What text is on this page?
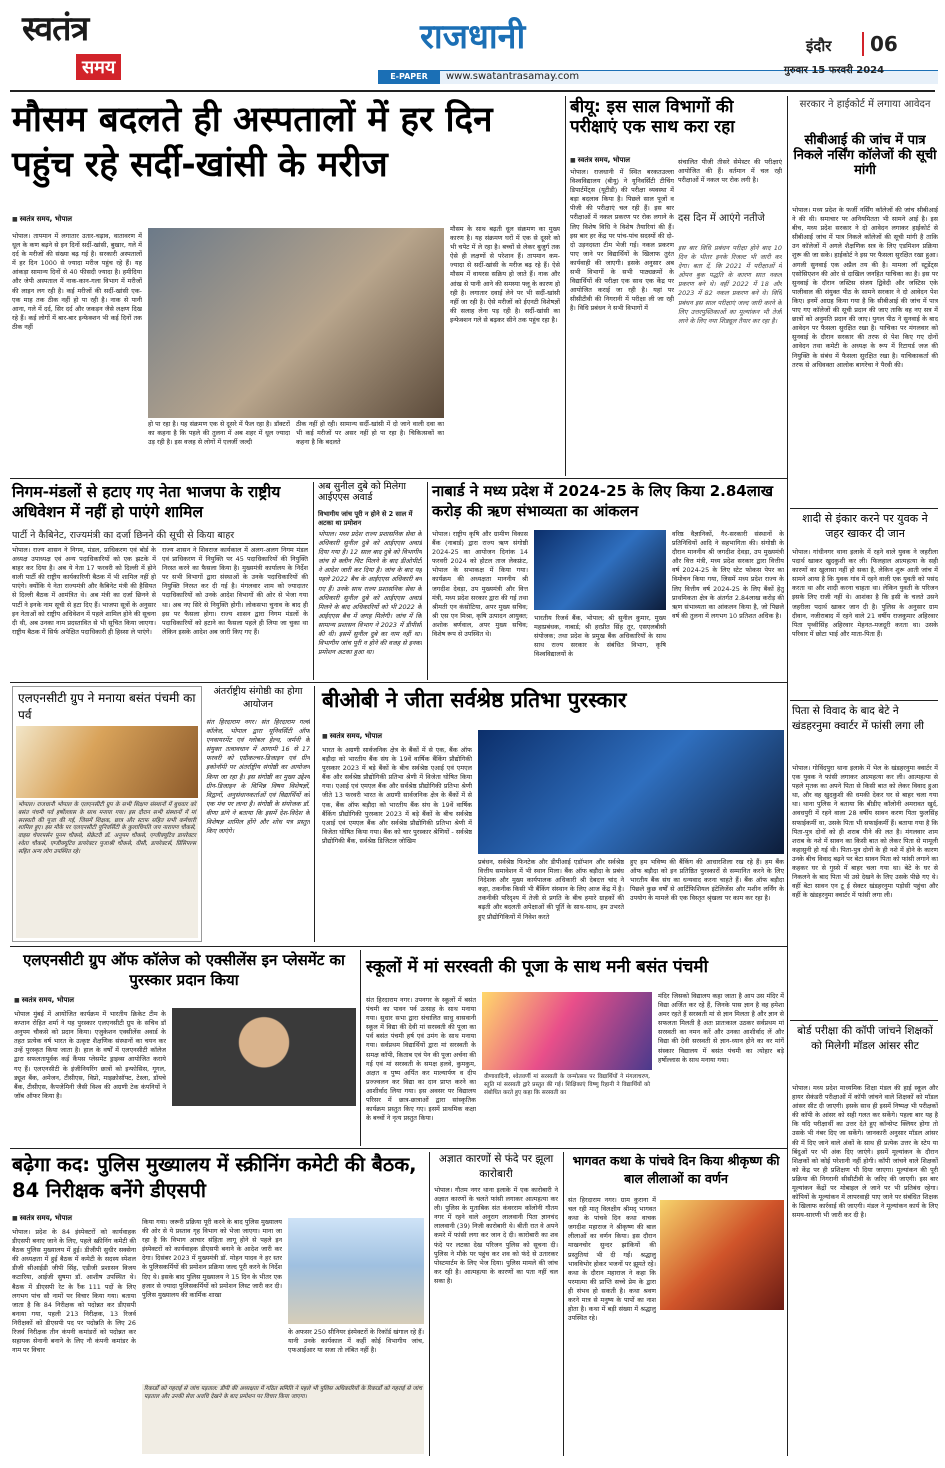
स्वतंत्र
समय
राजधानी
E-PAPER	www.swatantrasamay.com
इंदौर	06
गुरुवार 15 फरवरी 2024
मौसम बदलते ही अस्पतालों में हर दिन पहुंच रहे सर्दी-खांसी के मरीज
■ स्वतंत्र समय, भोपाल
भोपाल। तापमान में लगातार उतार-चढ़ाव, वातावरण में धूल के कण बढ़ने से इन दिनों सर्दी-खांसी, बुखार, गले में दर्द के मरीजों की संख्या बढ़ गई है। सरकारी अस्पतालों में हर दिन 1000 से ज्यादा मरीज पहुंच रहे हैं। यह आंकड़ा सामान्य दिनों से 40 फीसदी ज्यादा है। हमीदिया और जेपी अस्पताल में नाक-कान-गला विभाग में मरीजों की लाइन लग रही है। कई मरीजों की सर्दी-खांसी एक-एक माह तक ठीक नहीं हो पा रही है। नाक से पानी आना, गले में दर्द, सिर दर्द और जकड़न जैसे लक्षण दिख रहे हैं। कई लोगों में बार-बार इन्फेक्शन भी कई दिनों तक ठीक नहीं
हो पा रहा है। यह संक्रमण एक से दूसरे में फैल रहा है। डॉक्टरों का कहना है कि पहले की तुलना में अब शहर में धूल ज्यादा उड़ रही है। इस वजह से लोगों में एलर्जी जल्दी
ठीक नहीं हो रही। सामान्य सर्दी-खांसी में दो जाने वाली दवा का भी कई मरीजों पर असर नहीं हो पा रहा है। चिकित्सकों का कहना है कि बदलते
मौसम के साथ बढ़ती धूल संक्रमण का मुख्य कारण है। यह संक्रमण घरों में एक से दूसरे को भी चपेट में ले रहा है। बच्चों से लेकर बुजुर्ग तक ऐसे ही लक्षणों से परेशान हैं। तापमान कम-ज्यादा से सर्दी-खांसी के मरीज बढ़ रहे हैं। ऐसे मौसम में वायरस सक्रिय हो जाते हैं। नाक और आंख से पानी आने की समस्या फ्लू के कारण हो रही है। लगातार दवाई लेने पर भी सर्दी-खांसी नहीं जा रही है। ऐसे मरीजों को ईएनटी विशेषज्ञों की सलाह लेना पड़ रही है। सर्दी-खांसी का इन्फेक्शन गले से बढ़कर सीने तक पहुंच रहा है।
बीयू: इस साल विभागों की परीक्षाएं एक साथ करा रहा
■ स्वतंत्र समय, भोपाल
भोपाल। राजधानी में स्थित बरकतउल्ला विश्वविद्यालय (बीयू) ने यूनिवर्सिटी टीचिंग डिपार्टमेंट्स (यूटीडी) की परीक्षा व्यवस्था में बड़ा बदलाव किया है। पिछले साल पूजों व पीजी की परीक्षाएं चल रही हैं। इस बार परीक्षाओं में नकल प्रकरण पर रोक लगाने के लिए विशेष विधि ने विशेष तैयारियां की हैं। इस बार हर केंद्र पर पांच-पांच सदस्यों की दो-दो उड़नदस्ता टीम भेजी गई। नकल प्रकरण पाए जाने पर विद्यार्थियों के खिलाफ तुरंत कार्यवाही की जाएगी। इसके अनुसार अब सभी विभागों के सभी पाठ्यक्रमों के विद्यार्थियों की परीक्षा एक साथ एक केंद्र पर आयोजित कराई जा रही है। यहां पर सीसीटीवी की निगरानी में परीक्षा ली जा रही है। विधि प्रबंधन ने सभी विभागों में
संचालित पीजी तीसरे सेमेस्टर की परीक्षाएं आयोजित की हैं। वर्तमान में चल रही परीक्षाओं में नकल पर रोक लगी है।
दस दिन में आएंगे नतीजे
इस बार विधि प्रबंधन परीक्षा होने बाद 10 दिन के भीतर इनके रिजल्ट भी जारी कर देगा। बता दें, कि 2021 में परीक्षाओं में ओपन बुक पद्धति के कारण सात नकल प्रकरण बने थे। वहीं 2022 में 18 और 2023 में 82 नकल प्रकरण बने थे। विधि प्रबंधन इस साल परीक्षाएं जल्द जारी करने के लिए उत्तरपुस्तिकाओं का मूल्यांकन भी तेजी लाने के लिए नया शिड्यूल तैयार कर रहा है।
सरकार ने हाईकोर्ट में लगाया आवेदन
सीबीआई की जांच में पात्र निकले नर्सिंग कॉलेजों की सूची मांगी
भोपाल। मध्य प्रदेश के फर्जी नर्सिंग कॉलेजों की जांच सीबीआई ने की थी। समाचार पर अनियमितता भी सामने आई है। इस बीच, मध्य प्रदेश सरकार ने दो आवेदन लगाकर हाईकोर्ट से सीबीआई जांच में पात्र निकले कॉलेजों की सूची मांगी है ताकि उन कॉलेजों में अगले शैक्षणिक सत्र के लिए एडमिशन प्रक्रिया शुरू की जा सके। हाईकोर्ट ने इस पर फैसला सुरक्षित रखा हुआ। अगली सुनवाई एक अप्रैल तय की है। मामला लॉ स्टूडेंट्स एसोसिएशन की ओर से दाखिल जनहित याचिका का है। इस पर सुनवाई के दौरान जस्टिस संजय द्विवेदी और जस्टिस एके पालीवाल की संयुक्त पीठ के सामने सरकार ने दो आवेदन पेश किए। इनमें आग्रह किया गया है कि सीबीआई की जांच में पात्र पाए गए कॉलेजों की सूची प्रदान की जाए ताकि वह नए सत्र में छात्रों को अनुमति प्रदान की जाए। युगल पीठ ने सुनवाई के बाद आवेदन पर फैसला सुरक्षित रखा है। याचिका पर मंगलवार को सुनवाई के दौरान सरकार की तरफ से पेश किए गए दोनों आवेदन तथा कमेटी के अध्यक्ष के रूप में रिटायर्ड जज की नियुक्ति के संबंध में फैसला सुरक्षित रखा है। याचिकाकर्ता की तरफ से अधिवक्ता आलोक बागरेचा ने पैरवी की।
निगम-मंडलों से हटाए गए नेता भाजपा के राष्ट्रीय अधिवेशन में नहीं हो पाएंगे शामिल
पार्टी ने कैबिनेट, राज्यमंत्री का दर्जा छिनने की सूची से किया बाहर
भोपाल। राज्य शासन ने निगम, मंडल, प्राधिकरण एवं बोर्ड के अध्यक्ष उपाध्यक्ष एवं अन्य पदाधिकारियों को एक झटके में बाहर कर दिया है। अब ये नेता 17 फरवरी को दिल्ली में होने वाली पार्टी की राष्ट्रीय कार्यकारिणी बैठक में भी शामिल नहीं हो पाएंगे। क्योंकि ये नेता राज्यमंत्री और कैबिनेट मंत्री की हैसियत से दिल्ली बैठक में आमंत्रित थे। अब मंत्री का दर्जा छिनने से पार्टी ने इनके नाम सूची से हटा दिए हैं। भाजपा सूत्रों के अनुसार इन नेताओं को राष्ट्रीय अधिवेशन में पहले शामिल होने की सूचना दी थी, अब उनका नाम प्रदस्तावित से भी सूचित किया जाएगा। राष्ट्रीय बैठक में सिर्फ अपेक्षित पदाधिकारी ही हिस्सा ले पाएंगे।
राज्य शासन ने शिवराज कार्यकाल में अलग-अलग निगम मंडल एवं प्राधिकरण में नियुक्ति पर 45 पदाधिकारियों की नियुक्ति निरस्त करने का फैसला किया है। मुख्यमंत्री कार्यालय के निर्देश पर सभी विभागों द्वारा संस्थाओं के उनके पदाधिकारियों की नियुक्ति निरस्त कर दी गई है। मंगलवार शाम को ज्यादातर पदाधिकारियों को उनके आदेश विभागों की ओर से भेजा गया था। अब नए सिरे से नियुक्ति होगी। लोकसभा चुनाव के बाद ही इस पर फैसला होगा। राज्य शासन द्वारा निगम मंडलों के पदाधिकारियों को हटाने का फैसला पहले ही लिया जा चुका था लेकिन इसके आदेश अब जारी किए गए हैं।
अब सुनील दुबे को मिलेगा आईएएस अवार्ड
विभागीय जांच पूरी न होने से 2 साल में अटका था प्रमोशन
भोपाल। मध्य प्रदेश राज्य प्रशासनिक सेवा के अधिकारी सुनील दुबे को आईएएस अवार्ड दिया गया है। 12 साल बाद दुबे को विभागीय जांच से क्लीन चिट मिलने के बाद डीओपीटी ने आदेश जारी कर दिया है। जांच के बाद यह पहले 2022 बैच के आईएएस अधिकारी बन गए हैं। उनके साथ राज्य प्रशासनिक सेवा के अधिकारी सुनील दुबे को आईएएस अवार्ड मिलने के बाद अधिकारियों को भी 2022 के आईएएस बैच में जगह मिलेगी। जांच में कि सामान्य प्रशासन विभाग ने 2023 में डीपीसी की थी। इसमें सुनील दुबे का नाम नहीं था। विभागीय जांच पूरी न होने की वजह से इनका प्रमोशन अटका हुआ था।
नाबार्ड ने मध्य प्रदेश में 2024-25 के लिए किया 2.84लाख करोड़ की ऋण संभाव्यता का आंकलन
भोपाल। राष्ट्रीय कृषि और ग्रामीण विकास बैंक (नाबार्ड) द्वारा राज्य ऋण संगोष्ठी 2024-25 का आयोजन दिनांक 14 फरवरी 2024 को होटल ताज लेकफ्रंट, भोपाल के सभाकक्ष में किया गया। कार्यक्रम की अध्यक्षता माननीय श्री जगदीश देवड़ा, उप मुख्यमंत्री और वित्त मंत्री, मध्य प्रदेश सरकार द्वारा की गई तथा श्रीमती एन कंसोटिया, अपर मुख्य सचिव; श्री एस एन मिश्रा, कृषि उत्पादन आयुक्त; अशोक बर्णवाल, अपर मुख्य सचिव; विशेष रूप से उपस्थित थे।
भारतीय रिजर्व बैंक, भोपाल; श्री सुनील कुमार, मुख्य महाप्रबंधक, नाबार्ड; श्री हरप्रीत सिंह तूर, एसएलबीसी संयोजक; तथा प्रदेश के प्रमुख बैंक अधिकारियों के साथ साथ राज्य सरकार के संबंधित विभाग, कृषि विश्वविद्यालयों के
वरिष्ठ वैज्ञानिकों, गैर-सरकारी संस्थानों के प्रतिनिधियों आदि ने सहभागिता की। संगोष्ठी के दौरान माननीय श्री जगदीश देवड़ा, उप मुख्यमंत्री और वित्त मंत्री, मध्य प्रदेश सरकार द्वारा वित्तीय वर्ष 2024-25 के लिए स्टेट फोकस पेपर का विमोचन किया गया, जिसमें मध्य प्रदेश राज्य के लिए वित्तीय वर्ष 2024-25 के लिए बैंकों हेतु प्राथमिकता क्षेत्र के अंतर्गत 2.84लाख करोड़ की ऋण संभाव्यता का आंकलन किया है, जो पिछले वर्ष की तुलना में लगभग 10 प्रतिशत अधिक है।
शादी से इंकार करने पर युवक ने जहर खाकर दी जान
भोपाल। गांधीनगर थाना इलाके में रहने वाले युवक ने जहरीला पदार्थ खाकर खुदकुशी कर ली। फिलहाल आत्महत्या के सही कारणों का खुलासा नहीं हो सका है, लेकिन शुरू आती जांच में सामने आया है कि युवक गांव में रहने वाली एक युवती को पसंद करता था और शादी करना चाहता था। लेकिन युवती के परिजन इसके लिए राजी नहीं थे। आशंका है कि इसी के चलते उसने जहरीला पदार्थ खाकर जान दी है। पुलिस के अनुसार ग्राम दीवान, नजीराबाद में रहने वाले 21 वर्षीय राजकुमार अहिरवार पिता पृथ्वीसिंह अहिरवार मेहनत-मजदूरी करता था। उसके परिवार में छोटा भाई और माता-पिता हैं।
एलएनसीटी ग्रुप ने मनाया बसंत पंचमी का पर्व
भोपाल। राजधानी भोपाल के एलएनसीटी ग्रुप के सभी शिक्षण संस्थानों में बुधवार को बसंत पंचमी पर्व हर्षोल्लास के साथ मनाया गया। इस दौरान सभी संस्थानों में मां सरस्वती की पूजा की गई, जिसमें शिक्षक, छात्र और स्टाफ सहित सभी कर्मचारी शामिल हुए। इस मौके पर एलएनसीटी यूनिवर्सिटी के कुलाधिपति जय नारायण चौकसे, वाइस चेयरपर्सन पूनम चौकसे, सेक्रेटरी डॉ. अनुपम चौकसे, एग्जीक्यूटिव डायरेक्टर श्वेता चौकसे, एग्जीक्यूटिव डायरेक्टर पूजाश्री चौकसे, वीसी, डायरेक्टर्स, प्रिंसिपल्स सहित अन्य लोग उपस्थित रहे।
अंतर्राष्ट्रीय संगोष्ठी का होगा आयोजन
संत हिरदाराम नगर। संत हिरदाराम गर्ल्स कॉलेज, भोपाल द्वारा यूनिवर्सिटी ऑफ एनवायरमेंट एवं ग्लोबल हेल्थ, जर्मनी के संयुक्त तत्वावधान में आगामी 16 से 17 फरवरी को एग्रीकल्चर-डिजाइन एवं ग्रीन इकोनॉमी पर अंतर्राष्ट्रीय संगोष्ठी का आयोजन किया जा रहा है। इस संगोष्ठी का मुख्य उद्देश्य ग्रीन-डिजाइन के विभिन्न विषय विशेषज्ञों, विद्वानों, अनुसंधानकर्ताओं एवं विद्यार्थियों को एक मंच पर लाना है। संगोष्ठी के संयोजक डॉ. वीणा डांगे ने बताया कि इसमें देश-विदेश के विशेषज्ञ शामिल होंगे और शोध पत्र प्रस्तुत किए जाएंगे।
बीओबी ने जीता सर्वश्रेष्ठ प्रतिभा पुरस्कार
■ स्वतंत्र समय, भोपाल
भारत के अग्रणी सार्वजनिक क्षेत्र के बैंकों में से एक, बैंक ऑफ बड़ौदा को भारतीय बैंक संघ के 19वें वार्षिक बैंकिंग प्रौद्योगिकी पुरस्कार 2023 में बड़े बैंकों के बीच सर्वश्रेष्ठ एआई एवं एमएल बैंक और सर्वश्रेष्ठ प्रौद्योगिकी प्रतिभा श्रेणी में विजेता घोषित किया गया। एआई एवं एमएल बैंक और सर्वश्रेष्ठ प्रौद्योगिकी प्रतिभा श्रेणी जीते 13 फरवरी भारत के अग्रणी सार्वजनिक क्षेत्र के बैंकों में से एक, बैंक ऑफ बड़ौदा को भारतीय बैंक संघ के 19वें वार्षिक बैंकिंग प्रौद्योगिकी पुरस्कार 2023 में बड़े बैंकों के बीच सर्वश्रेष्ठ एआई एवं एमएल बैंक और सर्वश्रेष्ठ प्रौद्योगिकी प्रतिभा श्रेणी में विजेता घोषित किया गया। बैंक को चार पुरस्कार श्रेणियों - सर्वश्रेष्ठ प्रौद्योगिकी बैंक, सर्वश्रेष्ठ डिजिटल जोखिम
प्रबंधन, सर्वश्रेष्ठ फिनटेक और डीपीआई एडॉप्शन और सर्वश्रेष्ठ वित्तीय समावेशन में भी स्थान मिला। बैंक ऑफ बड़ौदा के प्रबंध निदेशक और मुख्य कार्यपालक अधिकारी श्री देबदत्त चांद ने कहा, तकनीक किसी भी बैंकिंग संस्थान के लिए आज केंद्र में है। तकनीकी परिदृश्य में तेजी से प्रगति के बीच हमारे ग्राहकों की बढ़ती और बदलती अपेक्षाओं की पूर्ति के साथ-साथ, हम उभरते हुए प्रौद्योगिकियों में निवेश करते
हुए हम भविष्य की बैंकिंग की आधारशिला रख रहे हैं। हम बैंक ऑफ बड़ौदा को इन प्रतिष्ठित पुरस्कारों से सम्मानित करने के लिए भारतीय बैंक संघ का धन्यवाद करना चाहते हैं। बैंक ऑफ बड़ौदा पिछले कुछ वर्षों से आर्टिफिशियल इंटेलिजेंस और मशीन लर्निंग के उपयोग के मामले की एक विस्तृत श्रृंखला पर काम कर रहा है।
पिता से विवाद के बाद बेटे ने खंडहरनुमा क्वार्टर में फांसी लगा ली
भोपाल। गोविंदपुरा थाना इलाके में भेल के खंडहरनुमा क्वार्टर में एक युवक ने फांसी लगाकर आत्महत्या कर ली। आत्महत्या से पहले मृतक का अपने पिता से किसी बात को लेकर विवाद हुआ था, और वह खुदकुशी की धमकी देकर घर से बाहर चला गया था। थाना पुलिस ने बताया कि बीडीए कॉलोनी अमरावत खुर्द, अवधपुरी में रहने वाला 28 वर्षीय सावन करण पिता फुलसिंह सफाईकर्मी था, उसके पिता भी सफाईकर्मी हैं। बताया गया है कि पिता-पुत्र दोनों को ही शराब पीने की लत है। मंगलवार शाम शराब के नशे में सावन का किसी बात को लेकर पिता से मामूली कहासुनी हो गई थी। पिता-पुत्र दोनों के ही नशे में होने के कारण उनके बीच विवाद बढ़ने पर बेटा सावन पिता को फांसी लगाने का कहकर घर से गुस्से में बाहर चला गया था। बेटे के घर से निकलने के बाद पिता भी उसे देखने के लिए उसके पीछे गए थे। वहीं बेटा सावन एन टू ई सेक्टर खंडहरनुमा पड़ोसी पहुंचा और वहीं के खंडहरनुमा क्वार्टर में फांसी लगा ली।
एलएनसीटी ग्रुप ऑफ कॉलेज को एक्सीलेंस इन प्लेसमेंट का पुरस्कार प्रदान किया
■ स्वतंत्र समय, भोपाल
भोपाल मुंबई में आयोजित कार्यक्रम में भारतीय क्रिकेट टीम के कप्तान रोहित शर्मा ने यह पुरस्कार एलएनसीटी ग्रुप के सचिव डॉ अनुपम चौकसे को प्रदान किया। एजुकेशन एक्सीलेंस अवार्ड के तहत प्रत्येक वर्ष भारत के उत्कृष्ट शैक्षणिक संस्थानों का चयन कर उन्हें पुरस्कृत किया जाता है। हाल के वर्षों में एलएनसीटी कॉलेज द्वारा सफलतापूर्वक कई कैंपस प्लेसमेंट ड्राइव्स आयोजित कराये गए हैं। एलएनसीटी के इंजीनियरिंग छात्रों को इन्फोसिस, गूगल, ड्यूश बैंक, अमेजन, टीसीएस, विप्रो, माइक्रोसॉफ्ट, टेस्ला, डॉयचे बैंक, टीसीएस, कैपजेमिनी जैसी विश्व की अग्रणी टेक कंपनियों ने जॉब ऑफर किया है।
स्कूलों में मां सरस्वती की पूजा के साथ मनी बसंत पंचमी
संत हिरदाराम नगर। उपनगर के स्कूलों में बसंत पंचमी का पावन पर्व उत्साह के साथ मनाया गया। सुधार सभा द्वारा संचालित साधु वासवानी स्कूल में विद्या की देवी मां सरस्वती की पूजा का पर्व बसंत पंचमी हर्ष एवं उमंग के साथ मनाया गया। सर्वप्रथम विद्यार्थियों द्वारा मां सरस्वती के समक्ष कॉपी, किताब एवं पेन की पूजा अर्चना की गई एवं मां सरस्वती के समक्ष हलवे, कुमकुम, अक्षत व पुष्प अर्पित कर माल्यार्पण व दीप प्रज्ज्वलन कर विद्या का दान प्राप्त करने का आशीर्वाद लिया गया। इस अवसर पर विद्यालय परिसर में छात्र-छात्राओं द्वारा सांस्कृतिक कार्यक्रम प्रस्तुत किए गए। इसमें प्राथमिक कक्षा के बच्चों ने नृत्य प्रस्तुत किया।
वीणावादिनी, श्वेतवर्णी मां सरस्वती के जन्मोत्सव पर विद्यार्थियों ने मंगलाचरण, स्तुति मां सरस्वती द्वारे प्रस्तुत की गई। शिक्षिकाएं विष्णु रिहानी ने विद्यार्थियों को संबोधित करते हुए कहा कि सरस्वती का
मंदिर जिसको विद्यालय कहा जाता है आप उस मंदिर में विद्या अर्जित कर रहे हैं, जिनके पास ज्ञान है वह हमेशा अमर रहते हैं सरस्वती मां से ज्ञान मिलता है और ज्ञान से सफलता मिलती है अतः प्रातःकाल उठकर सर्वप्रथम मां सरस्वती का नमन करें और उनका आशीर्वाद लें और विद्या की देवी सरस्वती से ज्ञान-ध्यान होने का वर मांगें संस्कार विद्यालय में बसंत पंचमी का त्योहार बड़े हर्षोल्लास के साथ मनाया गया।
बोर्ड परीक्षा की कॉपी जांचने शिक्षकों को मिलेगी मॉडल आंसर सीट
भोपाल। मध्य प्रदेश माध्यमिक शिक्षा मंडल की हाई स्कूल और हायर सेकंडरी परीक्षाओं में कॉपी जांचने वाले शिक्षकों को मॉडल आंसर सीट दी जाएगी। इसके साथ ही इसमें निष्पक्ष भी परीक्षकों की कॉपी के आंसर को सही गलत कर सकेंगे। पहला बार यह है कि यदि परीक्षार्थी का उत्तर देते हुए कॉन्सेप्ट क्लियर होगा तो उसके भी नंबर दिए जा सकेंगे। जानकारी अनुसार मॉडल आंसर की में दिए जाने वाले अंकों के साथ ही प्रत्येक उत्तर के स्टेप या बिंदुओं पर भी अंक दिए जाएंगे। इसमें मूल्यांकन के दौरान शिक्षकों को कोई परेशानी नहीं होगी। कॉपी जांचने वाले शिक्षकों को केंद्र पर ही प्रशिक्षण भी दिया जाएगा। मूल्यांकन की पूरी प्रक्रिया की निगरानी सीसीटीवी के जरिए की जाएगी। इस बार मूल्यांकन केंद्रों पर मोबाइल ले जाने पर भी प्रतिबंध रहेगा। कॉपियों के मूल्यांकन में लापरवाही पाए जाने पर संबंधित शिक्षक के खिलाफ कार्रवाई की जाएगी। मंडल ने मूल्यांकन कार्य के लिए समय-सारणी भी जारी कर दी है।
बढ़ेगा कद: पुलिस मुख्यालय में स्क्रीनिंग कमेटी की बैठक, 84 निरीक्षक बनेंगे डीएसपी
■ स्वतंत्र समय, भोपाल
भोपाल। प्रदेश के 84 इंस्पेक्टरों को कार्यवाहक डीएसपी बनाए जाने के लिए, पहले स्क्रीनिंग कमेटी की बैठक पुलिस मुख्यालय में हुई। डीजीपी सुधीर सक्सेना की अध्यक्षता में हुई बैठक में कमेटी के सदस्य स्पेशल डीजी सीआईडी जीपी सिंह, एडीजी प्रशासन विजय कटारिया, आईजी सुषमा डॉ. आशीष उपस्थित थे। बैठक में डीएसपी रेट के रैंक 111 पदों के लिए लगभग पांच सौ नामों पर विचार किया गया। बताया जाता है कि 84 निरीक्षक को पदोन्नत कर डीएसपी बनाया गया, पहली 213 निरीक्षक, 13 रिजर्व निरीक्षकों को डीएसपी पद पर पदोन्नति के लिए 26 रिजर्व निरीक्षक तीन कंपनी कमांडरों को पदोन्नत कर सहायक सेनानी बनाने के लिए नौ कंपनी कमांडर के नाम पर विचार
किया गया। जरूरी प्रक्रिया पूरी करने के बाद पुलिस मुख्यालय की ओर से ये प्रस्ताव गृह विभाग को भेजा जाएगा। माना जा रहा है कि विभाग आचार संहिता लागू होने से पहले इन इंस्पेक्टरों को कार्यवाहक डीएसपी बनाने के आदेश जारी कर देगा। दिसंबर 2023 में मुख्यमंत्री डॉ. मोहन यादव ने हर स्तर के पुलिसकर्मियों की प्रमोशन प्रक्रिया जल्द पूरी करने के निर्देश दिए थे। इसके बाद पुलिस मुख्यालय ने 15 दिन के भीतर एक हजार से ज्यादा पुलिसकर्मियों को प्रमोशन लिस्ट जारी कर दी। पुलिस मुख्यालय की कार्मिक शाखा
के अफसर 250 सीनियर इंस्पेक्टरों के रिकॉर्ड खंगाल रहे हैं। यानी उनके कार्यकाल में कहीं कोई विभागीय जांच, एफआईआर या सजा तो लंबित नहीं है।
रिकार्डों को गहराई से जांच पड़ताल: डीपी की अध्यक्षता में गठित समिति ने पहले भी पुलिस अधिकारियों के रिकार्डों को गहराई से जांच पड़ताल और उनकी सेवा अवधि देखने के बाद प्रमोशन पर विचार किया जाएगा।
अज्ञात कारणों से फंदे पर झूला कारोबारी
भोपाल। गौतम नगर थाना इलाके में एक कारोबारी ने अज्ञात कारणों के चलते फांसी लगाकर आत्महत्या कर ली। पुलिस के मुताबिक संत कंवरराम कॉलोनी गौतम नगर में रहने वाले अनुराग लालवानी पिता ज्ञानचंद लालवानी (39) निजी कारोबारी थे। बीती रात वे अपने कमरे में फांसी लगा कर जान दे दी। कारोबारी का शव फंदे पर लटका देख परिजन पुलिस को सूचना दी। पुलिस ने मौके पर पहुंच कर शव को फंदे से उतारकर पोस्टमार्टम के लिए भेज दिया। पुलिस मामले की जांच कर रही है। आत्महत्या के कारणों का पता नहीं चल सका है।
भागवत कथा के पांचवे दिन किया श्रीकृष्ण की बाल लीलाओं का वर्णन
संत हिरदाराम नगर। ग्राम कुराना में चल रही मातृ विलक्षीय श्रीमद् भागवत कथा के पांचवे दिन कथा वाचक जगदीश महाराज ने श्रीकृष्ण की बाल लीलाओं का वर्णन किया। इस दौरान माखनचोर सुन्दर झांकियों की प्रस्तुतियां भी दी गईं। श्रद्धालु भावविभोर होकर भजनों पर झूमते रहे। कथा के दौरान महाराज ने कहा कि परमात्मा की प्राप्ति सच्चे प्रेम के द्वारा ही संभव हो सकती है। कथा श्रवण करने मात्र से मनुष्य के पापों का नाश होता है। कथा में बड़ी संख्या में श्रद्धालु उपस्थित रहे।
